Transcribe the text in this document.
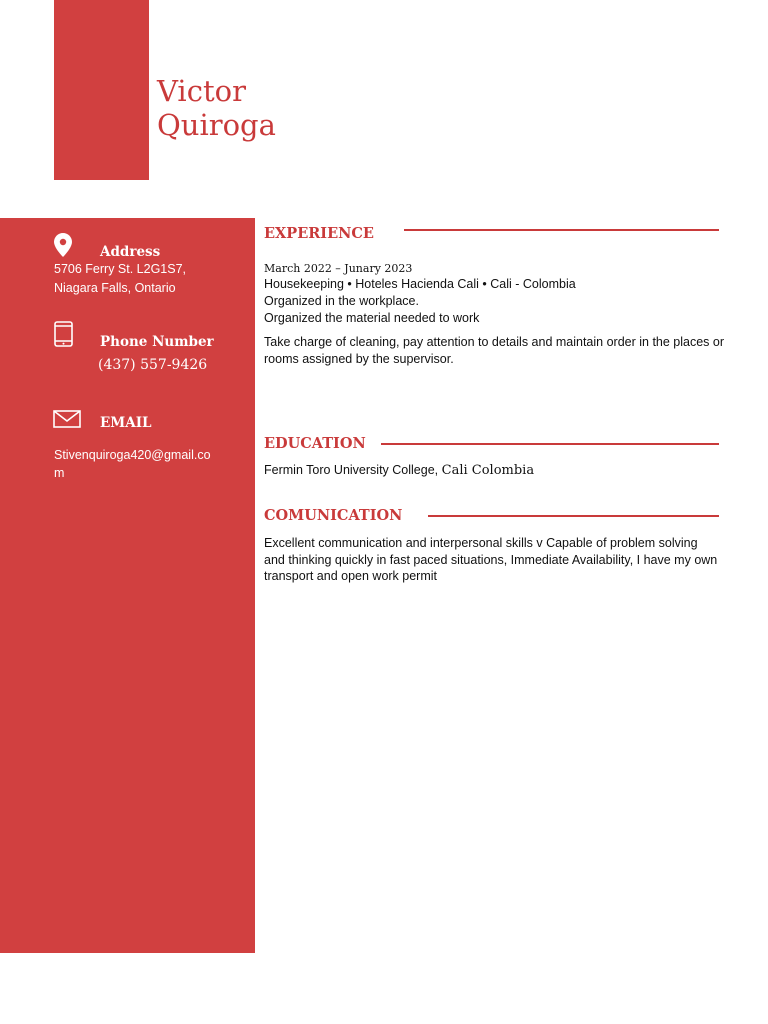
Victor
Quiroga
Address
5706 Ferry St. L2G1S7,
Niagara Falls, Ontario
Phone Number
(437) 557-9426
EMAIL
Stivenquiroga420@gmail.co
m
EXPERIENCE
March 2022 – Junary 2023
Housekeeping • Hoteles Hacienda Cali • Cali - Colombia
Organized in the workplace.
Organized the material needed to work
Take charge of cleaning, pay attention to details and maintain order in the places or rooms assigned by the supervisor.
EDUCATION
Fermin Toro University College, Cali Colombia
COMUNICATION
Excellent communication and interpersonal skills v Capable of problem solving and thinking quickly in fast paced situations, Immediate Availability, I have my own transport and open work permit
